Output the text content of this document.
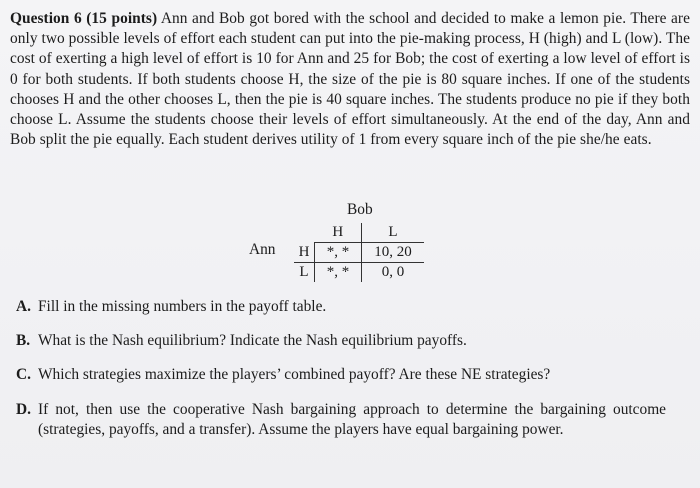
Question 6 (15 points) Ann and Bob got bored with the school and decided to make a lemon pie. There are only two possible levels of effort each student can put into the pie-making process, H (high) and L (low). The cost of exerting a high level of effort is 10 for Ann and 25 for Bob; the cost of exerting a low level of effort is 0 for both students. If both students choose H, the size of the pie is 80 square inches. If one of the students chooses H and the other chooses L, then the pie is 40 square inches. The students produce no pie if they both choose L. Assume the students choose their levels of effort simultaneously. At the end of the day, Ann and Bob split the pie equally. Each student derives utility of 1 from every square inch of the pie she/he eats.

Bob
Ann
	H	L
H	*, *	10, 20
L	*, *	0, 0
A. Fill in the missing numbers in the payoff table.
B. What is the Nash equilibrium? Indicate the Nash equilibrium payoffs.
C. Which strategies maximize the players’ combined payoff? Are these NE strategies?
D. If not, then use the cooperative Nash bargaining approach to determine the bargaining outcome (strategies, payoffs, and a transfer). Assume the players have equal bargaining power.
